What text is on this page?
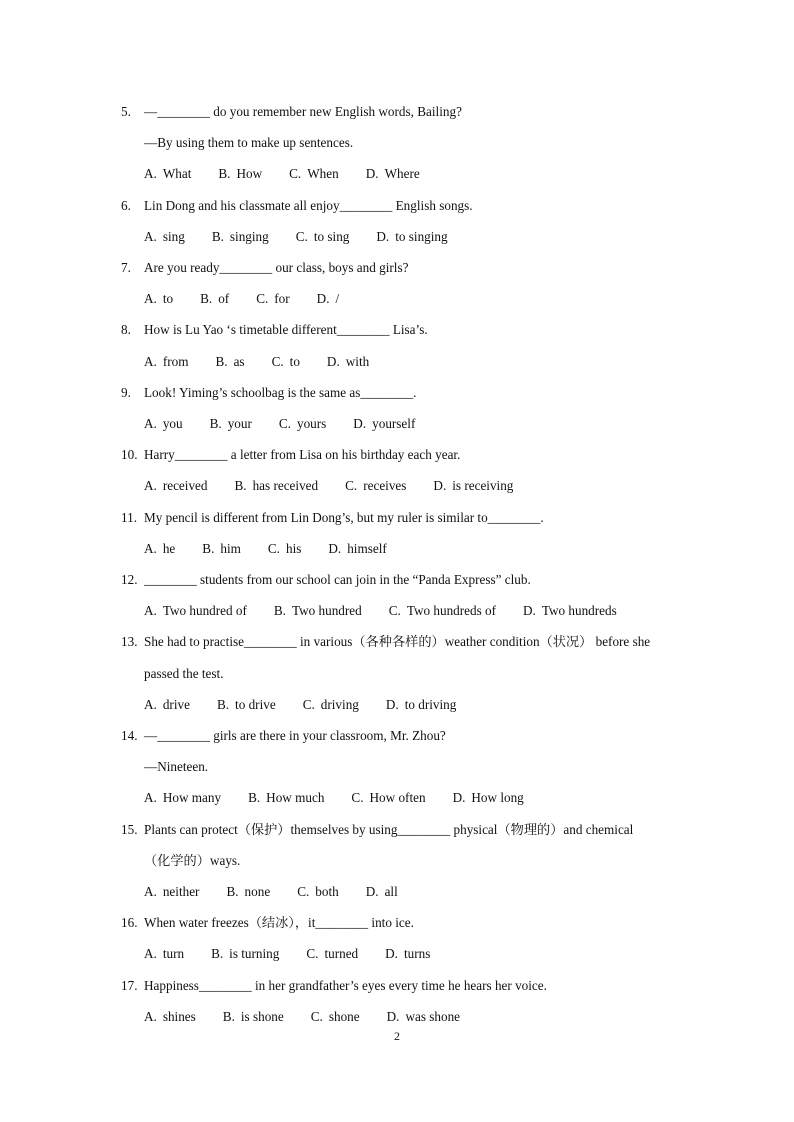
5. —________ do you remember new English words, Bailing?
—By using them to make up sentences.
A. What B. How C. When D. Where
6. Lin Dong and his classmate all enjoy________ English songs.
A. sing B. singing C. to sing D. to singing
7. Are you ready________ our class, boys and girls?
A. to B. of C. for D. /
8. How is Lu Yao ‘s timetable different________ Lisa’s.
A. from B. as C. to D. with
9. Look! Yiming’s schoolbag is the same as________.
A. you B. your C. yours D. yourself
10. Harry________ a letter from Lisa on his birthday each year.
A. received B. has received C. receives D. is receiving
11. My pencil is different from Lin Dong’s, but my ruler is similar to________.
A. he B. him C. his D. himself
12. ________ students from our school can join in the “Panda Express” club.
A. Two hundred of B. Two hundred C. Two hundreds of D. Two hundreds
13. She had to practise________ in various（各种各样的）weather condition（状况） before she
passed the test.
A. drive B. to drive C. driving D. to driving
14. —________ girls are there in your classroom, Mr. Zhou?
—Nineteen.
A. How many B. How much C. How often D. How long
15. Plants can protect（保护）themselves by using________ physical（物理的）and chemical
（化学的）ways.
A. neither B. none C. both D. all
16. When water freezes（结冰），it________ into ice.
A. turn B. is turning C. turned D. turns
17. Happiness________ in her grandfather’s eyes every time he hears her voice.
A. shines B. is shone C. shone D. was shone
2
